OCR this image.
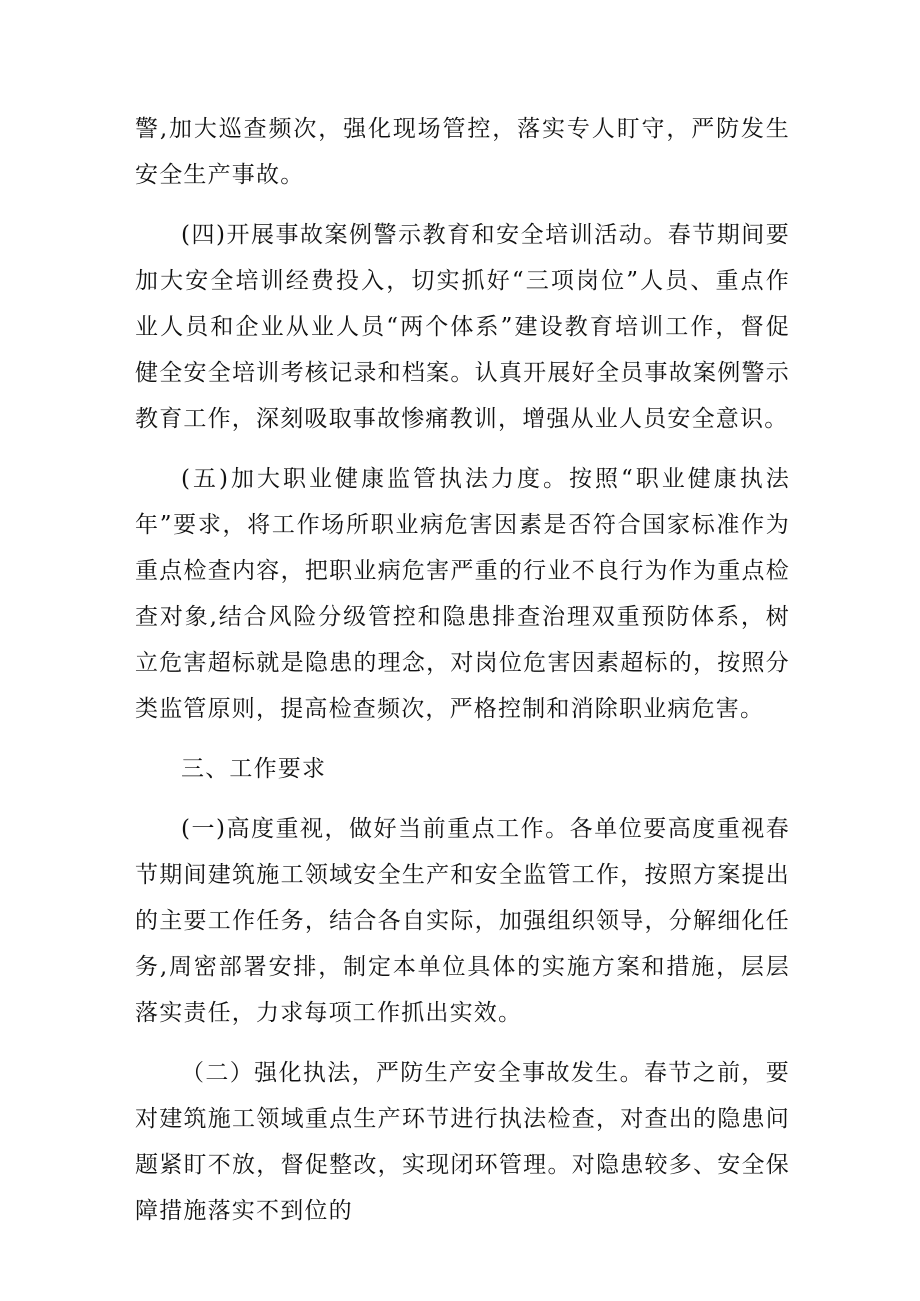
警,加大巡查频次，强化现场管控，落实专人盯守，严防发生安全生产事故。

(四)开展事故案例警示教育和安全培训活动。春节期间要加大安全培训经费投入，切实抓好“三项岗位”人员、重点作业人员和企业从业人员“两个体系”建设教育培训工作，督促健全安全培训考核记录和档案。认真开展好全员事故案例警示教育工作，深刻吸取事故惨痛教训，增强从业人员安全意识。

(五)加大职业健康监管执法力度。按照“职业健康执法年”要求，将工作场所职业病危害因素是否符合国家标准作为重点检查内容，把职业病危害严重的行业不良行为作为重点检查对象,结合风险分级管控和隐患排查治理双重预防体系，树立危害超标就是隐患的理念，对岗位危害因素超标的，按照分类监管原则，提高检查频次，严格控制和消除职业病危害。

三、工作要求

(一)高度重视，做好当前重点工作。各单位要高度重视春节期间建筑施工领域安全生产和安全监管工作，按照方案提出的主要工作任务，结合各自实际，加强组织领导，分解细化任务,周密部署安排，制定本单位具体的实施方案和措施，层层落实责任，力求每项工作抓出实效。

（二）强化执法，严防生产安全事故发生。春节之前，要对建筑施工领域重点生产环节进行执法检查，对查出的隐患问题紧盯不放，督促整改，实现闭环管理。对隐患较多、安全保障措施落实不到位的
